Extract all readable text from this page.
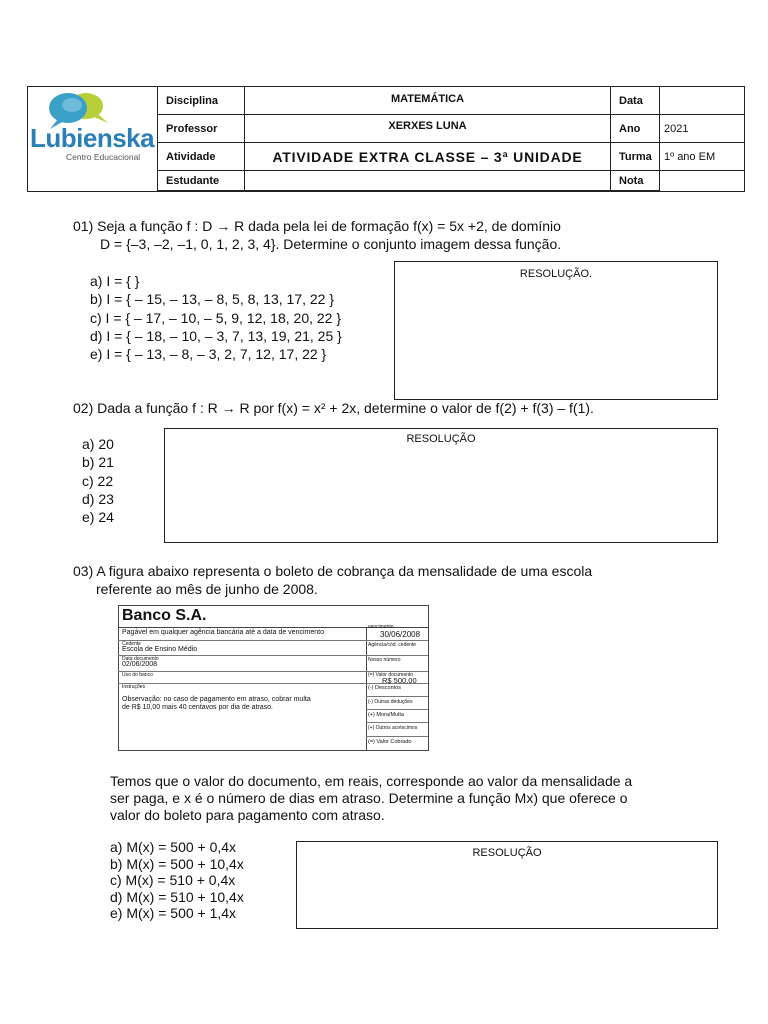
Lubienska
Centro Educacional
Disciplina
Professor
Atividade
Estudante
MATEMÁTICA
XERXES LUNA
ATIVIDADE EXTRA CLASSE – 3ª UNIDADE
Data
Ano
Turma
Nota
2021
1º ano EM
01) Seja a função f : D → R dada pela lei de formação f(x) = 5x +2, de domínio
D = {–3, –2, –1, 0, 1, 2, 3, 4}. Determine o conjunto imagem dessa função.
a) I = { }
b) I = { – 15, – 13, – 8, 5, 8, 13, 17, 22 }
c) I = { – 17, – 10, – 5, 9, 12, 18, 20, 22 }
d) I = { – 18, – 10, – 3, 7, 13, 19, 21, 25 }
e) I = { – 13, – 8, – 3, 2, 7, 12, 17, 22 }
RESOLUÇÃO.
02) Dada a função f : R → R por f(x) = x² + 2x, determine o valor de f(2) + f(3) – f(1).
a) 20
b) 21
c) 22
d) 23
e) 24
RESOLUÇÃO
03) A figura abaixo representa o boleto de cobrança da mensalidade de uma escola
referente ao mês de junho de 2008.
Banco S.A.
Pagável em qualquer agência bancária até a data de vencimento
vencimento
30/06/2008
Cedente
Escola de Ensino Médio
Agência/cód. cedente
Data documento
02/06/2008
Nosso número
Uso do banco	(=) Valor documento
R$ 500,00
Instruções
Observação: no caso de pagamento em atraso, cobrar multa
de R$ 10,00 mais 40 centavos por dia de atraso.
(-) Descontos
(-) Outras deduções
(+) Mora/Multa
(+) Outros acréscimos
(=) Valor Cobrado
Temos que o valor do documento, em reais, corresponde ao valor da mensalidade a
ser paga, e x é o número de dias em atraso. Determine a função Mx) que oferece o
valor do boleto para pagamento com atraso.
a) M(x) = 500 + 0,4x
b) M(x) = 500 + 10,4x
c) M(x) = 510 + 0,4x
d) M(x) = 510 + 10,4x
e) M(x) = 500 + 1,4x
RESOLUÇÃO
